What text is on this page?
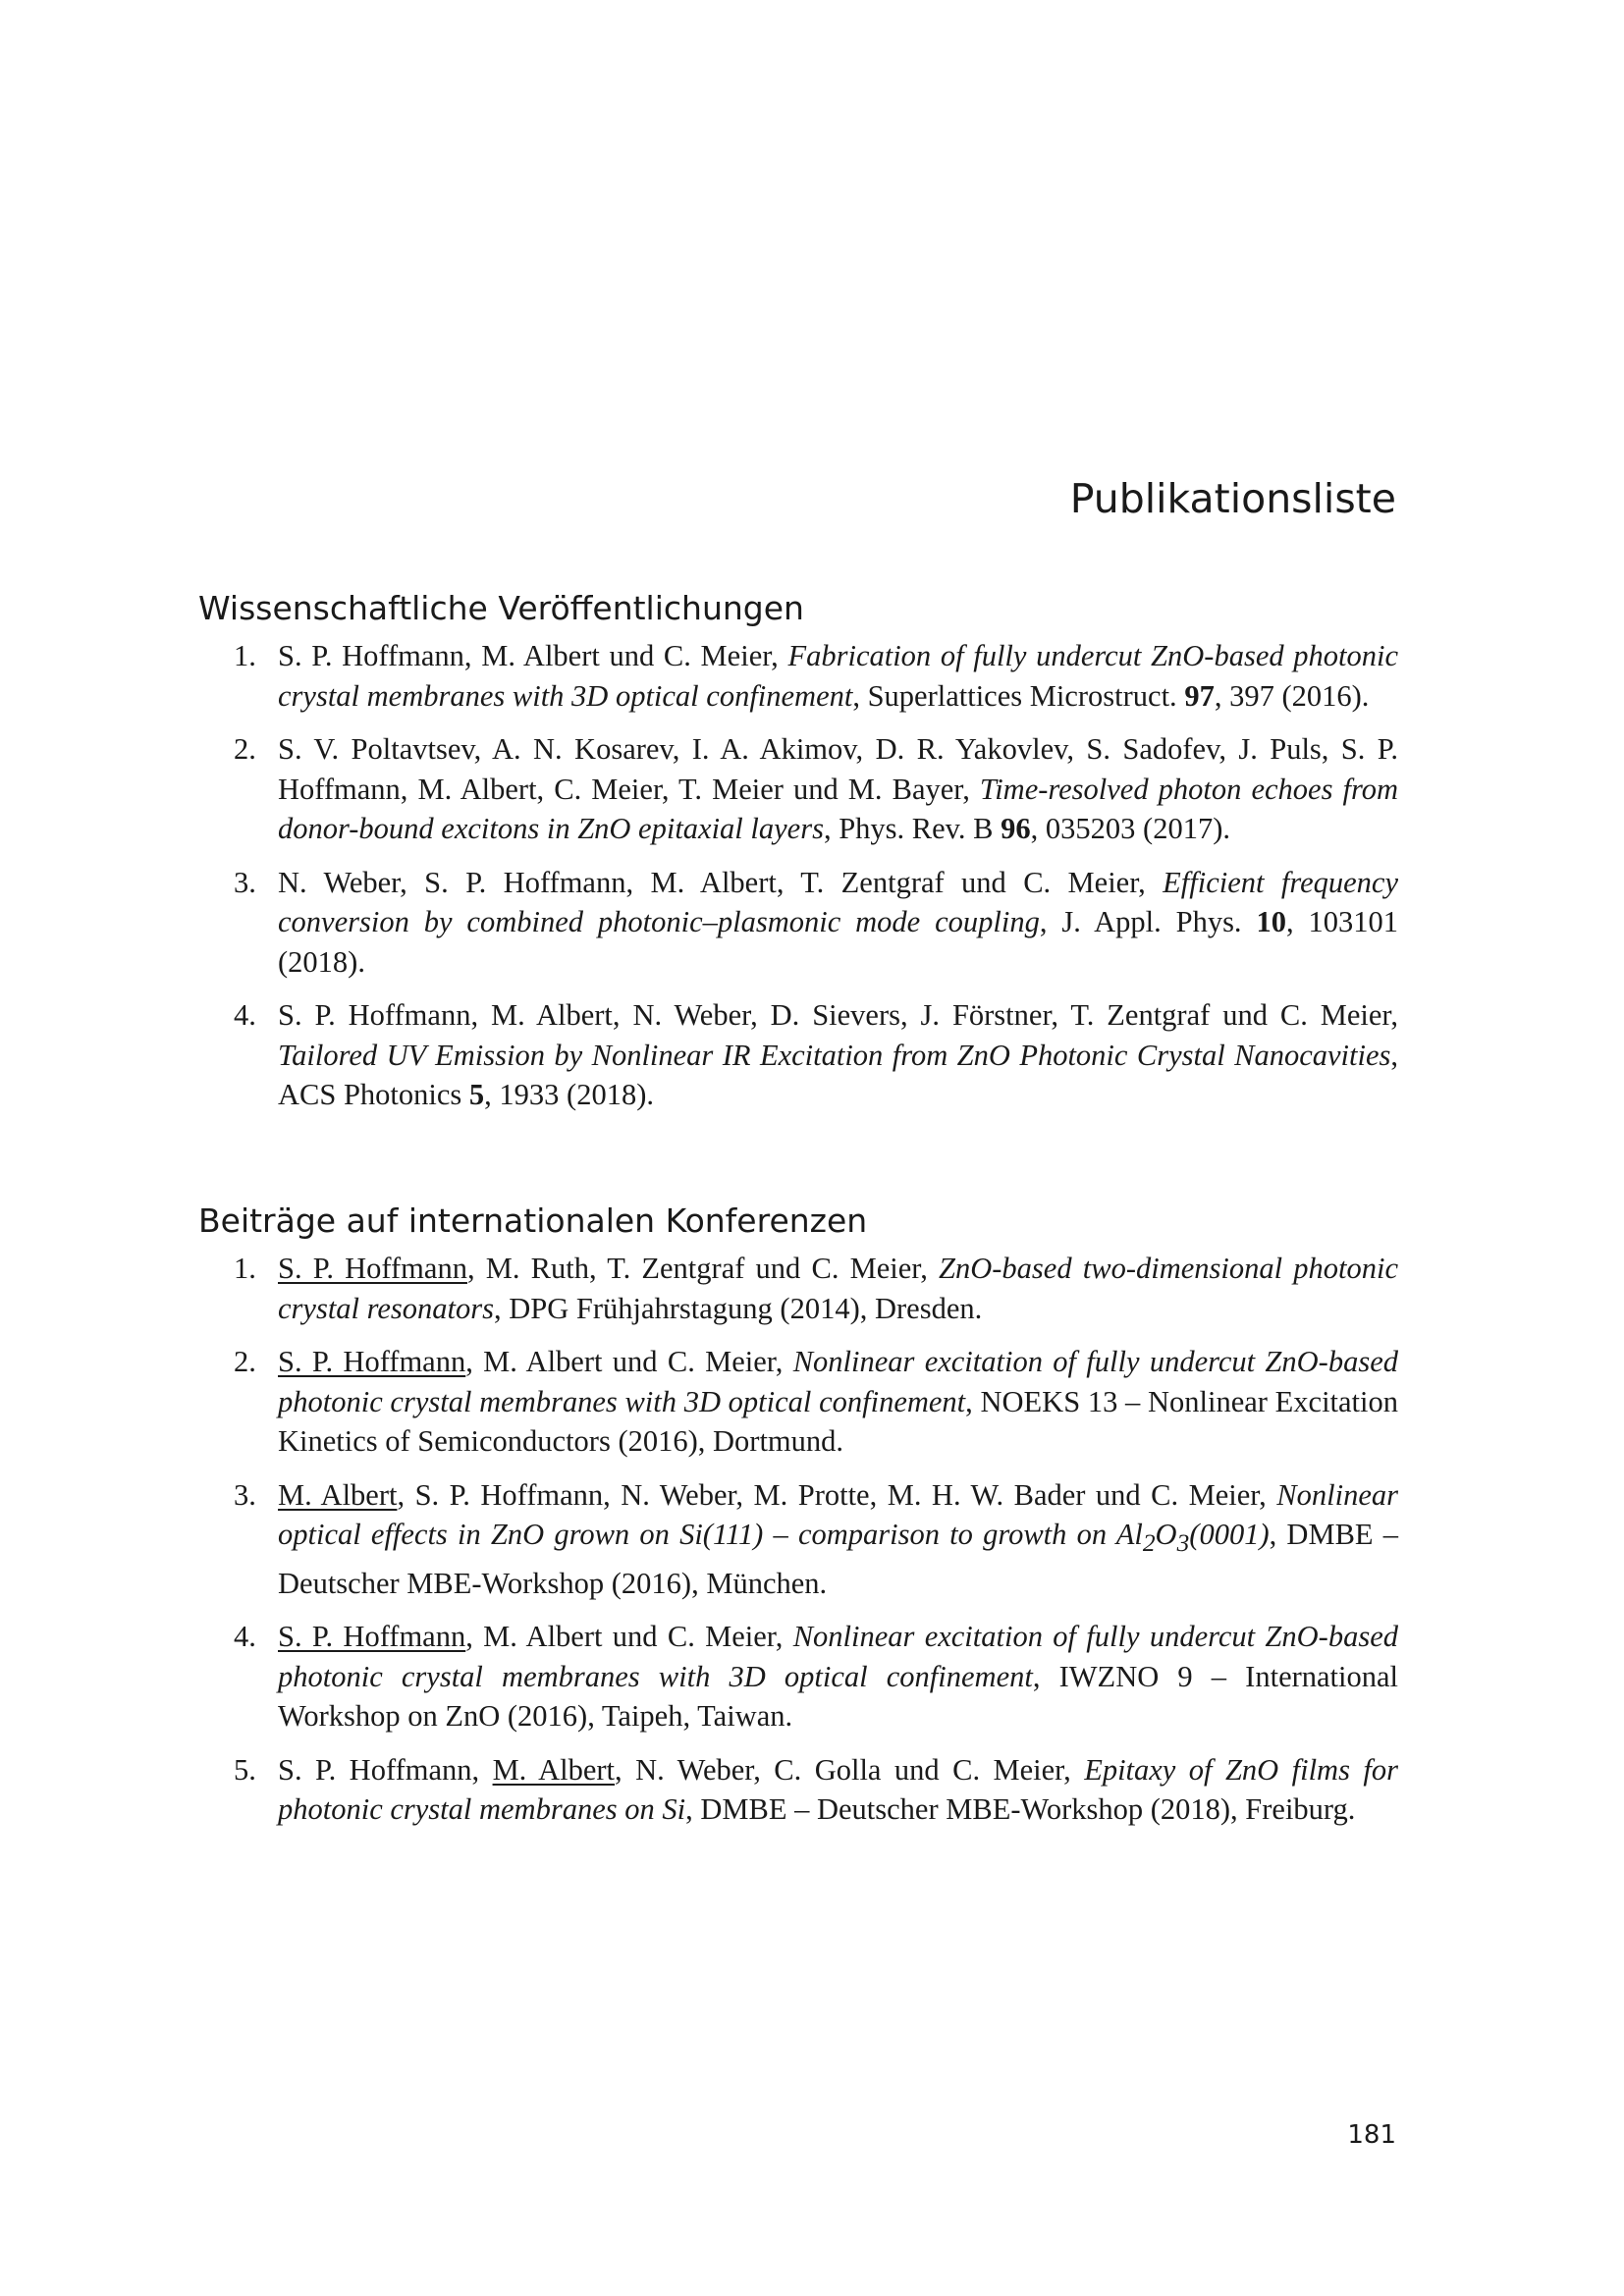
Publikationsliste
Wissenschaftliche Veröffentlichungen
1. S. P. Hoffmann, M. Albert und C. Meier, Fabrication of fully undercut ZnO-based photonic crystal membranes with 3D optical confinement, Superlattices Microstruct. 97, 397 (2016).
2. S. V. Poltavtsev, A. N. Kosarev, I. A. Akimov, D. R. Yakovlev, S. Sadofev, J. Puls, S. P. Hoffmann, M. Albert, C. Meier, T. Meier und M. Bayer, Time-resolved photon echoes from donor-bound excitons in ZnO epitaxial layers, Phys. Rev. B 96, 035203 (2017).
3. N. Weber, S. P. Hoffmann, M. Albert, T. Zentgraf und C. Meier, Efficient frequency conversion by combined photonic–plasmonic mode coupling, J. Appl. Phys. 10, 103101 (2018).
4. S. P. Hoffmann, M. Albert, N. Weber, D. Sievers, J. Förstner, T. Zentgraf und C. Meier, Tailored UV Emission by Nonlinear IR Excitation from ZnO Photonic Crystal Nanocavities, ACS Photonics 5, 1933 (2018).
Beiträge auf internationalen Konferenzen
1. S. P. Hoffmann, M. Ruth, T. Zentgraf und C. Meier, ZnO-based two-dimensional photonic crystal resonators, DPG Frühjahrstagung (2014), Dresden.
2. S. P. Hoffmann, M. Albert und C. Meier, Nonlinear excitation of fully undercut ZnO-based photonic crystal membranes with 3D optical confinement, NOEKS 13 – Nonlinear Excitation Kinetics of Semiconductors (2016), Dortmund.
3. M. Albert, S. P. Hoffmann, N. Weber, M. Protte, M. H. W. Bader und C. Meier, Nonlinear optical effects in ZnO grown on Si(111) – comparison to growth on $Al_2O_3(0001)$, DMBE – Deutscher MBE-Workshop (2016), München.
4. S. P. Hoffmann, M. Albert und C. Meier, Nonlinear excitation of fully undercut ZnO-based photonic crystal membranes with 3D optical confinement, IWZNO 9 – International Workshop on ZnO (2016), Taipeh, Taiwan.
5. S. P. Hoffmann, M. Albert, N. Weber, C. Golla und C. Meier, Epitaxy of ZnO films for photonic crystal membranes on Si, DMBE – Deutscher MBE-Workshop (2018), Freiburg.

181
